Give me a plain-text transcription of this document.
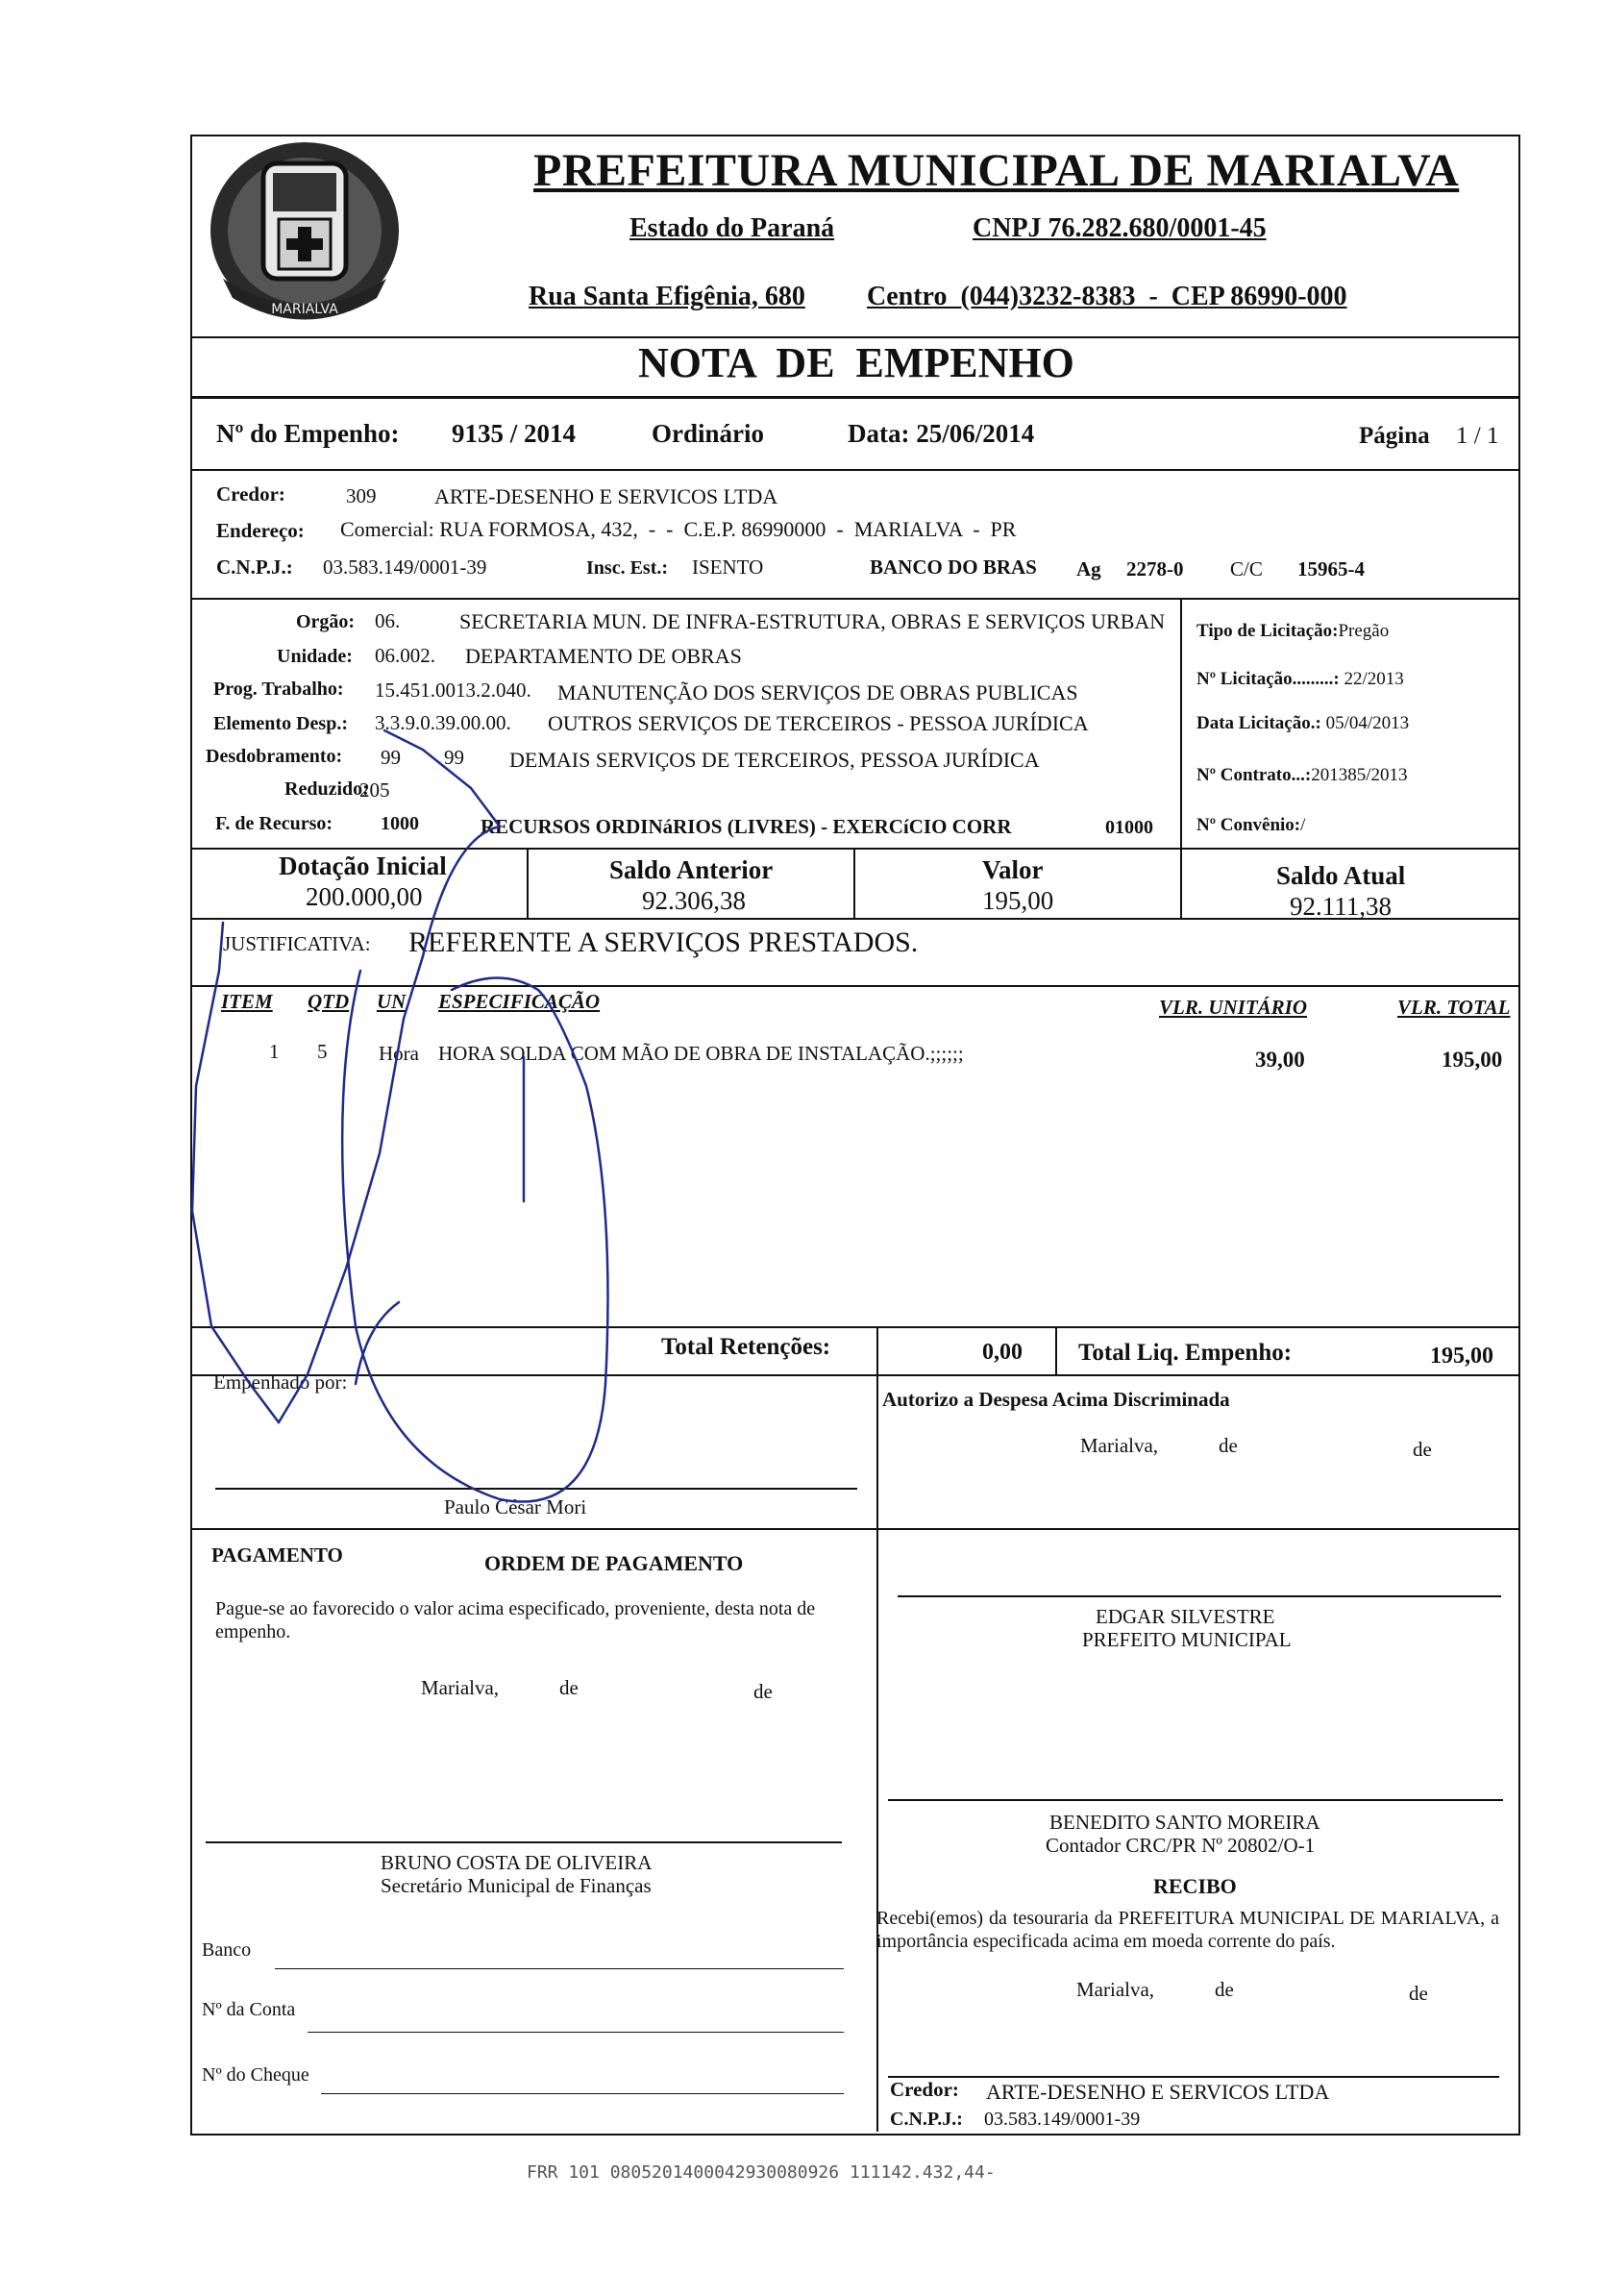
MARIALVA
PREFEITURA MUNICIPAL DE MARIALVA
Estado do Paraná	CNPJ 76.282.680/0001-45
Rua Santa Efigênia, 680 Centro  (044)3232-8383  -  CEP 86990-000
NOTA  DE  EMPENHO
Nº do Empenho: 9135 / 2014	Ordinário	Data: 25/06/2014	Página 1 / 1
Credor:	309	ARTE-DESENHO E SERVICOS LTDA
Endereço: Comercial: RUA FORMOSA, 432,  -  -  C.E.P. 86990000  -  MARIALVA  -  PR
C.N.P.J.: 03.583.149/0001-39	Insc. Est.: ISENTO	BANCO DO BRAS Ag 2278-0 C/C 15965-4
Orgão: 06.	SECRETARIA MUN. DE INFRA-ESTRUTURA, OBRAS E SERVIÇOS URBAN
Unidade: 06.002. DEPARTAMENTO DE OBRAS
Prog. Trabalho: 15.451.0013.2.040. MANUTENÇÃO DOS SERVIÇOS DE OBRAS PUBLICAS
Elemento Desp.: 3.3.9.0.39.00.00. OUTROS SERVIÇOS DE TERCEIROS - PESSOA JURÍDICA
Desdobramento: 99 99 DEMAIS SERVIÇOS DE TERCEIROS, PESSOA JURÍDICA
Reduzido:
205
F. de Recurso: 1000	RECURSOS ORDINáRIOS (LIVRES) - EXERCíCIO CORR	01000
Tipo de Licitação:Pregão
Nº Licitação.........: 22/2013
Data Licitação.: 05/04/2013
Nº Contrato...:201385/2013
Nº Convênio:/
Dotação Inicial
200.000,00
Saldo Anterior
92.306,38
Valor
195,00
Saldo Atual
92.111,38
JUSTIFICATIVA: REFERENTE A SERVIÇOS PRESTADOS.
ITEM QTD UN ESPECIFICAÇÃO	VLR. UNITÁRIO	VLR. TOTAL
1 5	Hora HORA SOLDA COM MÃO DE OBRA DE INSTALAÇÃO.;;;;;;	39,00	195,00
Total Retenções:	0,00 Total Liq. Empenho:	195,00
Empenhado por:
Paulo César Mori
Autorizo a Despesa Acima Discriminada
Marialva,	de	de
PAGAMENTO	ORDEM DE PAGAMENTO
Pague-se ao favorecido o valor acima especificado, proveniente, desta nota de empenho.
Marialva,	de	de
EDGAR SILVESTRE
PREFEITO MUNICIPAL
BENEDITO SANTO MOREIRA
Contador CRC/PR Nº 20802/O-1
BRUNO COSTA DE OLIVEIRA
Secretário Municipal de Finanças	RECIBO
Recebi(emos) da tesouraria da PREFEITURA MUNICIPAL DE MARIALVA, a importância especificada acima em moeda corrente do país.
Marialva,	de	de
Credor: ARTE-DESENHO E SERVICOS LTDA
C.N.P.J.: 03.583.149/0001-39
Banco
Nº da Conta
Nº do Cheque
FRR 101 0805201400042930080926 111142.432,44-
